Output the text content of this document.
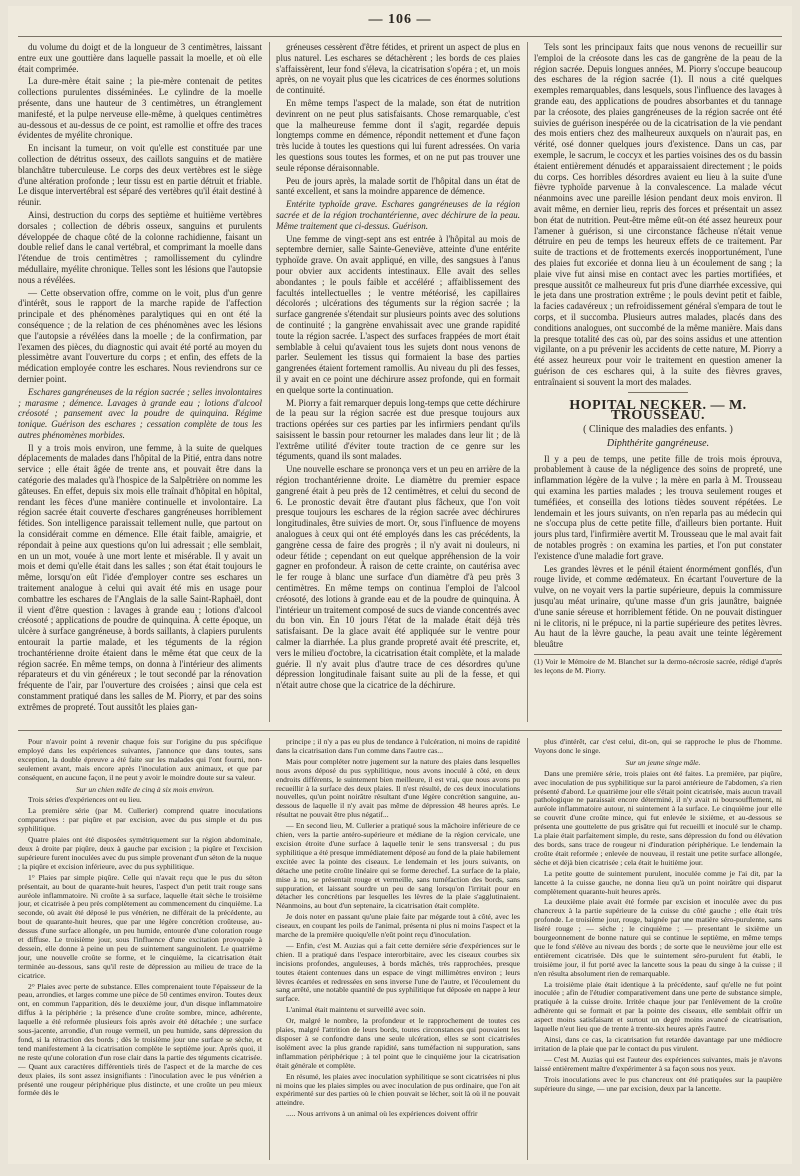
— 106 —

du volume du doigt et de la longueur de 3 centimètres, laissant entre eux une gouttière dans laquelle passait la moelle, et où elle était comprimée.

La dure-mère était saine ; la pie-mère contenait de petites collections purulentes disséminées. Le cylindre de la moelle présente, dans une hauteur de 3 centimètres, un étranglement manifesté, et la pulpe nerveuse elle-même, à quelques centimètres au-dessous et au-dessus de ce point, est ramollie et offre des traces évidentes de myélite chronique.

En incisant la tumeur, on voit qu'elle est constituée par une collection de détritus osseux, des caillots sanguins et de matière blanchâtre tuberculeuse. Le corps des deux vertèbres est le siège d'une altération profonde ; leur tissu est en partie détruit et friable. Le disque intervertébral est séparé des vertèbres qu'il était destiné à réunir.

Ainsi, destruction du corps des septième et huitième vertèbres dorsales ; collection de débris osseux, sanguins et purulents développée de chaque côté de la colonne rachidienne, faisant un double relief dans le canal vertébral, et comprimant la moelle dans l'étendue de trois centimètres ; ramollissement du cylindre médullaire, myélite chronique. Telles sont les lésions que l'autopsie nous a révélées.

— Cette observation offre, comme on le voit, plus d'un genre d'intérêt, sous le rapport de la marche rapide de l'affection principale et des phénomènes paralytiques qui en ont été la conséquence ; de la relation de ces phénomènes avec les lésions que l'autopsie a révélées dans la moelle ; de la confirmation, par l'examen des pièces, du diagnostic qui avait été porté au moyen du plessimètre avant l'ouverture du corps ; et enfin, des effets de la médication employée contre les eschares. Nous reviendrons sur ce dernier point.

Eschares gangréneuses de la région sacrée ; selles involontaires ; marasme ; démence. Lavages à grande eau ; lotions d'alcool créosoté ; pansement avec la poudre de quinquina. Régime tonique. Guérison des eschares ; cessation complète de tous les autres phénomènes morbides.

Il y a trois mois environ, une femme, à la suite de quelques déplacements de malades dans l'hôpital de la Pitié, entra dans notre service ; elle était âgée de trente ans, et pouvait être dans la catégorie des malades qu'à l'hospice de la Salpêtrière on nomme les gâteuses. En effet, depuis six mois elle traînait d'hôpital en hôpital, rendant les fèces d'une manière continuelle et involontaire. La région sacrée était couverte d'eschares gangréneuses horriblement fétides. Son intelligence paraissait tellement nulle, que partout on la considérait comme en démence. Elle était faible, amaigrie, et répondait à peine aux questions qu'on lui adressait ; elle semblait, en un un mot, vouée à une mort lente et misérable. Il y avait un mois et demi qu'elle était dans les salles ; son état était toujours le même, lorsqu'on eût l'idée d'employer contre ses eschares un traitement analogue à celui qui avait été mis en usage pour combattre les eschares de l'Anglais de la salle Saint-Raphaël, dont il vient d'être question : lavages à grande eau ; lotions d'alcool créosoté ; applications de poudre de quinquina. À cette époque, un ulcère à surface gangréneuse, à bords saillants, à clapiers purulents entourait la partie malade, et les téguments de la région trochantérienne droite étaient dans le même état que ceux de la région sacrée. En même temps, on donna à l'intérieur des aliments réparateurs et du vin généreux ; le tout secondé par la rénovation fréquente de l'air, par l'ouverture des croisées ; ainsi que cela est constamment pratiqué dans les salles de M. Piorry, et par des soins extrêmes de propreté. Tout aussitôt les plaies gan-

gréneuses cessèrent d'être fétides, et prirent un aspect de plus en plus naturel. Les eschares se détachèrent ; les bords de ces plaies s'affaissèrent, leur fond s'éleva, la cicatrisation s'opéra ; et, un mois après, on ne voyait plus que les cicatrices de ces énormes solutions de continuité.

En même temps l'aspect de la malade, son état de nutrition devinrent on ne peut plus satisfaisants. Chose remarquable, c'est que la malheureuse femme dont il s'agit, regardée depuis longtemps comme en démence, répondit nettement et d'une façon très lucide à toutes les questions qui lui furent adressées. On varia les questions sous toutes les formes, et on ne put pas trouver une seule réponse déraisonnable.

Peu de jours après, la malade sortit de l'hôpital dans un état de santé excellent, et sans la moindre apparence de démence.

Entérite typhoïde grave. Eschares gangréneuses de la région sacrée et de la région trochantérienne, avec déchirure de la peau. Même traitement que ci-dessus. Guérison.

Une femme de vingt-sept ans est entrée à l'hôpital au mois de septembre dernier, salle Sainte-Geneviève, atteinte d'une entérite typhoïde grave. On avait appliqué, en ville, des sangsues à l'anus pour obvier aux accidents intestinaux. Elle avait des selles abondantes ; le pouls faible et accéléré ; affaiblissement des facultés intellectuelles ; le ventre météorisé, les capillaires décolorés ; ulcérations des téguments sur la région sacrée ; la surface gangrenée s'étendait sur plusieurs points avec des solutions de continuité ; la gangrène envahissait avec une grande rapidité toute la région sacrée. L'aspect des surfaces frappées de mort était semblable à celui qu'avaient tous les sujets dont nous venons de parler. Seulement les tissus qui formaient la base des parties gangrenées étaient fortement ramollis. Au niveau du pli des fesses, il y avait en ce point une déchirure assez profonde, qui en formait en quelque sorte la continuation.

M. Piorry a fait remarquer depuis long-temps que cette déchirure de la peau sur la région sacrée est due presque toujours aux tractions opérées sur ces parties par les infirmiers pendant qu'ils saisissent le bassin pour retourner les malades dans leur lit ; de là l'extrême utilité d'éviter toute traction de ce genre sur les téguments, quand ils sont malades.

Une nouvelle eschare se prononça vers et un peu en arrière de la région trochantérienne droite. Le diamètre du premier espace gangrené était à peu près de 12 centimètres, et celui du second de 6. Le pronostic devait être d'autant plus fâcheux, que l'on voit presque toujours les eschares de la région sacrée avec déchirures longitudinales, être suivies de mort. Or, sous l'influence de moyens analogues à ceux qui ont été employés dans les cas précédents, la gangrène cessa de faire des progrès ; il n'y avait ni douleurs, ni odeur fétide ; cependant on eut quelque appréhension de la voir gagner en profondeur. À raison de cette crainte, on cautérisa avec le fer rouge à blanc une surface d'un diamètre d'à peu près 3 centimètres. En même temps on continua l'emploi de l'alcool créosoté, des lotions à grande eau et de la poudre de quinquina. À l'intérieur un traitement composé de sucs de viande concentrés avec du bon vin. En 10 jours l'état de la malade était déjà très satisfaisant. De la glace avait été appliquée sur le ventre pour calmer la diarrhée. La plus grande propreté avait été prescrite, et, vers le milieu d'octobre, la cicatrisation était complète, et la malade guérie. Il n'y avait plus d'autre trace de ces désordres qu'une dépression longitudinale faisant suite au pli de la fesse, et qui n'était autre chose que la cicatrice de la déchirure.

Tels sont les principaux faits que nous venons de recueillir sur l'emploi de la créosote dans les cas de gangrène de la peau de la région sacrée. Depuis longues années, M. Piorry s'occupe beaucoup des eschares de la région sacrée (1). Il nous a cité quelques exemples remarquables, dans lesquels, sous l'influence des lavages à grande eau, des applications de poudres absorbantes et du tannage par la créosote, des plaies gangréneuses de la région sacrée ont été suivies de guérison inespérée ou de la cicatrisation de la vie pendant des mois entiers chez des malheureux auxquels on n'aurait pas, en vérité, osé donner quelques jours d'existence. Dans un cas, par exemple, le sacrum, le coccyx et les parties voisines des os du bassin étaient entièrement dénudés et apparaissaient directement ; le poids du corps. Ces horribles désordres avaient eu lieu à la suite d'une fièvre typhoïde parvenue à la convalescence. La malade vécut néanmoins avec une pareille lésion pendant deux mois environ. Il avait même, en dernier lieu, repris des forces et présentait un assez bon état de nutrition. Peut-être même eût-on été assez heureux pour l'amener à guérison, si une circonstance fâcheuse n'était venue détruire en peu de temps les heureux effets de ce traitement. Par suite de tractions et de frottements exercés inopportunément, l'une des plaies fut excoriée et donna lieu à un écoulement de sang ; la plaie vive fut ainsi mise en contact avec les parties mortifiées, et presque aussitôt ce malheureux fut pris d'une diarrhée excessive, qui le jeta dans une prostration extrême ; le pouls devint petit et faible, la facies cadavéreux ; un refroidissement général s'empara de tout le corps, et il succomba. Plusieurs autres malades, placés dans des conditions analogues, ont succombé de la même manière. Mais dans la presque totalité des cas où, par des soins assidus et une attention vigilante, on a pu prévenir les accidents de cette nature, M. Piorry a été assez heureux pour voir le traitement en question amener la guérison de ces eschares qui, à la suite des fièvres graves, entraînaient si souvent la mort des malades.

HOPITAL NECKER. — M. TROUSSEAU.
( Clinique des maladies des enfants. )
Diphthérite gangréneuse.

Il y a peu de temps, une petite fille de trois mois éprouva, probablement à cause de la négligence des soins de propreté, une inflammation légère de la vulve ; la mère en parla à M. Trousseau qui examina les parties malades ; les trouva seulement rouges et tuméfiées, et conseilla des lotions tièdes souvent répétées. Le lendemain et les jours suivants, on n'en reparla pas au médecin qui ne s'occupa plus de cette petite fille, d'ailleurs bien portante. Huit jours plus tard, l'infirmière avertit M. Trousseau que le mal avait fait de notables progrès : on examina les parties, et l'on put constater l'existence d'une maladie fort grave.

Les grandes lèvres et le pénil étaient énormément gonflés, d'un rouge livide, et comme œdémateux. En écartant l'ouverture de la vulve, on ne voyait vers la partie supérieure, depuis la commissure jusqu'au méat urinaire, qu'une masse d'un gris jaunâtre, baignée d'une sanie séreuse et horriblement fétide. On ne pouvait distinguer ni le clitoris, ni le prépuce, ni la partie supérieure des petites lèvres. Au haut de la lèvre gauche, la peau avait une teinte légèrement bleuâtre

(1) Voir le Mémoire de M. Blanchet sur la dermo-nécrosie sacrée, rédigé d'après les leçons de M. Piorry.

Pour n'avoir point à revenir chaque fois sur l'origine du pus spécifique employé dans les expériences suivantes, j'annonce que dans toutes, sans exception, la double épreuve a été faite sur les malades qui l'ont fourni, non-seulement avant, mais encore après l'inoculation aux animaux, et que par conséquent, en aucune façon, il ne peut y avoir le moindre doute sur sa valeur.

Sur un chien mâle de cinq à six mois environ.

Trois séries d'expériences ont eu lieu.

La première série (par M. Cullerier) comprend quatre inoculations comparatives : par piqûre et par excision, avec du pus simple et du pus syphilitique.

Quatre plaies ont été disposées symétriquement sur la région abdominale, deux à droite par piqûre, deux à gauche par excision ; la piqûre et l'excision supérieure furent inoculées avec du pus simple provenant d'un séton de la nuque ; la piqûre et excision inférieure, avec du pus syphilitique.

1° Plaies par simple piqûre. Celle qui n'avait reçu que le pus du séton présentait, au bout de quarante-huit heures, l'aspect d'un petit trait rouge sans auréole inflammatoire. Ni croûte à sa surface, laquelle était sèche le troisième jour, et cicatrisée à peu près complètement au commencement du cinquième. La seconde, où avait été déposé le pus vénérien, ne différait de la précédente, au bout de quarante-huit heures, que par une légère concrétion croûteuse, au-dessus d'une surface allongée, un peu humide, entourée d'une coloration rouge et diffuse. Le troisième jour, sous l'influence d'une excitation provoquée à dessein, elle donne à peine un peu de suintement sanguinolent. Le quatrième jour, une nouvelle croûte se forme, et le cinquième, la cicatrisation était terminée au-dessous, sans qu'il reste de dépression au milieu de trace de la cicatrice.

2° Plaies avec perte de substance. Elles comprenaient toute l'épaisseur de la peau, arrondies, et larges comme une pièce de 50 centimes environ. Toutes deux ont, en commun l'apparition, dès le deuxième jour, d'un disque inflammatoire diffus à la périphérie ; la présence d'une croûte sombre, mince, adhérente, laquelle a été reformée plusieurs fois après avoir été détachée ; une surface sous-jacente, arrondie, d'un rouge vermeil, un peu humide, sans dépression du fond, si la rétraction des bords ; dès le troisième jour une surface se sèche, et tend manifestement à la cicatrisation complète le septième jour. Après quoi, il ne reste qu'une coloration d'un rose clair dans la partie des téguments cicatrisée. — Quant aux caractères différentiels tirés de l'aspect et de la marche de ces deux plaies, ils sont assez insignifiants : l'inoculation avec le pus vénérien a présenté une rougeur périphérique plus distincte, et une croûte un peu mieux formée dès le

principe ; il n'y a pas eu plus de tendance à l'ulcération, ni moins de rapidité dans la cicatrisation dans l'un comme dans l'autre cas...

Mais pour compléter notre jugement sur la nature des plaies dans lesquelles nous avons déposé du pus syphilitique, nous avons inoculé à côté, en deux endroits différents, le suintement bien meilleure, il est vrai, que nous avons pu recueillir à la surface des deux plaies. Il n'est résulté, de ces deux inoculations nouvelles, qu'un point noirâtre résultant d'une légère concrétion sanguine, au-dessous de laquelle il n'y avait pas même de dépression 48 heures après. Le résultat ne pouvait être plus négatif...

— En second lieu, M. Cullerier a pratiqué sous la mâchoire inférieure de ce chien, vers la partie antéro-supérieure et médiane de la région cervicale, une excision étroite d'une surface à laquelle tenir le sens transversal ; du pus syphilitique a été presque immédiatement déposé au fond de la plaie habilement excitée avec la pointe des ciseaux. Le lendemain et les jours suivants, on détache une petite croûte linéaire qui se forme derechef. La surface de la plaie, mise à nu, se présentait rouge et vermeille, sans tuméfaction des bords, sans suppuration, et laissant sourdre un peu de sang lorsqu'on l'irritait pour en détacher les concrétions par lesquelles les lèvres de la plaie s'agglutinaient. Néanmoins, au bout d'un septenaire, la cicatrisation était complète.

Je dois noter en passant qu'une plaie faite par mégarde tout à côté, avec les ciseaux, en coupant les poils de l'animal, présenta ni plus ni moins l'aspect et la marche de la première quoiqu'elle n'eût point reçu d'inoculation.

— Enfin, c'est M. Auzias qui a fait cette dernière série d'expériences sur le chien. Il a pratiqué dans l'espace interorbitaire, avec les ciseaux courbes six incisions profondes, anguleuses, à bords mâchés, très rapprochées, presque toutes étaient contenues dans un espace de vingt millimètres environ ; leurs lèvres écartées et redressées en sens inverse l'une de l'autre, et l'écoulement du sang arrêté, une notable quantité de pus syphilitique fut déposée en nappe à leur surface.

L'animal était maintenu et surveillé avec soin.

Or, malgré le nombre, la profondeur et le rapprochement de toutes ces plaies, malgré l'attrition de leurs bords, toutes circonstances qui pouvaient les disposer à se confondre dans une seule ulcération, elles se sont cicatrisées isolément avec la plus grande rapidité, sans tuméfaction ni suppuration, sans inflammation périphérique ; à tel point que le cinquième jour la cicatrisation était générale et complète.

En résumé, les plaies avec inoculation syphilitique se sont cicatrisées ni plus ni moins que les plaies simples ou avec inoculation de pus ordinaire, que l'on ait expérimenté sur des parties où le chien pouvait se lécher, soit là où il ne pouvait atteindre.

..... Nous arrivons à un animal où les expériences doivent offrir

plus d'intérêt, car c'est celui, dit-on, qui se rapproche le plus de l'homme. Voyons donc le singe.

Sur un jeune singe mâle.

Dans une première série, trois plaies ont été faites. La première, par piqûre, avec inoculation de pus syphilitique sur la paroi antérieure de l'abdomen, s'a rien présenté d'abord. Le quatrième jour elle s'était point cicatrisée, mais aucun travail pathologique ne paraissait encore déterminé, il n'y avait ni boursoufflement, ni auréole inflammatoire autour, ni suintement à la surface. Le cinquième jour elle se couvrit d'une croûte mince, qui fut enlevée le sixième, et au-dessous se présenta une gouttelette de pus grisâtre qui fut recueilli et inoculé sur le champ. La plaie était parfaitement simple, du reste, sans dépression du fond ou élévation des bords, sans trace de rougeur ni d'induration périphérique. Le lendemain la croûte était reformée ; enlevée de nouveau, il restait une petite surface allongée, sèche et déjà bien cicatrisée ; cela était le huitième jour.

La petite goutte de suintement purulent, inoculée comme je l'ai dit, par la lancette à la cuisse gauche, ne donna lieu qu'à un point noirâtre qui disparut complètement quarante-huit heures après.

La deuxième plaie avait été formée par excision et inoculée avec du pus chancreux à la partie supérieure de la cuisse du côté gauche ; elle était très profonde. Le troisième jour, rouge, baignée par une matière séro-purulente, sans liséré rouge ; — sèche ; le cinquième ; — presentant le sixième un bourgeonnement de bonne nature qui se continue le septième, en même temps que le fond s'élève au niveau des bords ; de sorte que le neuvième jour elle est entièrement cicatrisée. Dès que le suintement séro-purulent fut établi, le troisième jour, il fut porté avec la lancette sous la peau du singe à la cuisse ; il n'en résulta absolument rien de remarquable.

La troisième plaie était identique à la précédente, sauf qu'elle ne fut point inoculée ; afin de l'étudier comparativement dans une perte de substance simple, pratiquée à la cuisse droite. Irritée chaque jour par l'enlèvement de la croûte adhérente qui se formait et par la pointe des ciseaux, elle semblait offrir un aspect moins satisfaisant et surtout un degré moins avancé de cicatrisation, laquelle n'eut lieu que de trente à trente-six heures après l'autre.

Ainsi, dans ce cas, la cicatrisation fut retardée davantage par une médiocre irritation de la plaie que par le contact du pus virulent.

— C'est M. Auzias qui est l'auteur des expériences suivantes, mais je n'avons laissé entièrement maître d'expérimenter à sa façon sous nos yeux.

Trois inoculations avec le pus chancreux ont été pratiquées sur la paupière supérieure du singe, — une par excision, deux par la lancette.
